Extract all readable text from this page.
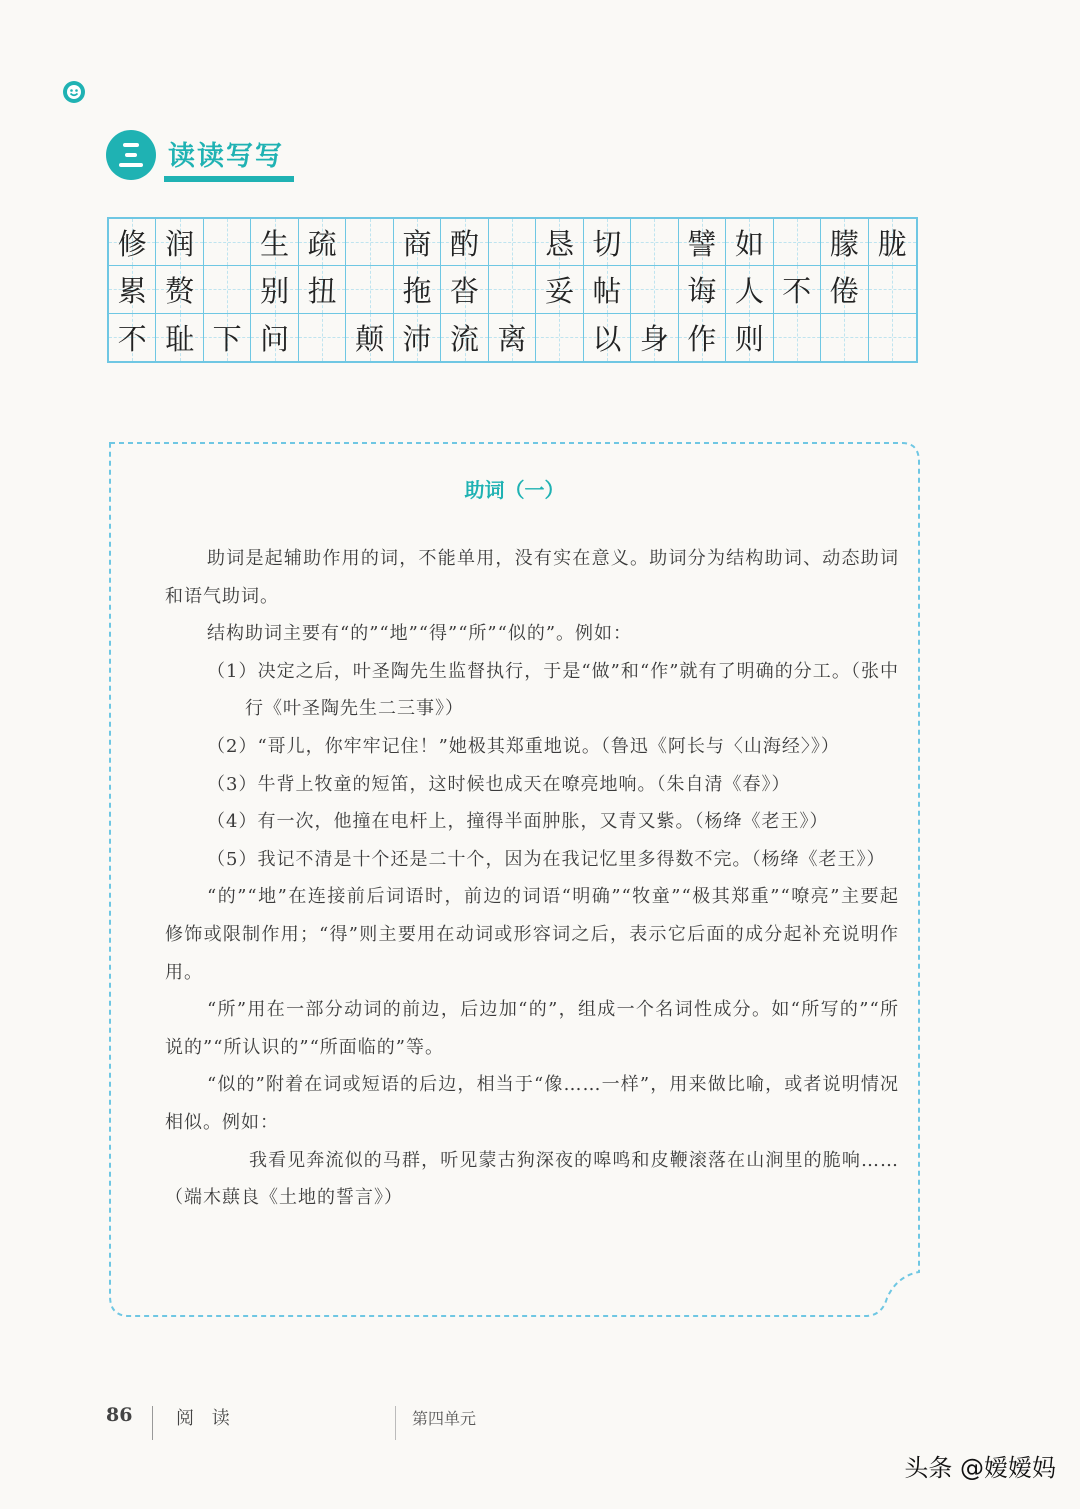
读读写写
修 润 生 疏 商 酌 恳 切 譬 如 朦 胧
累 赘 别 扭 拖 沓 妥 帖 诲 人 不 倦
不 耻 下 问 颠 沛 流 离 以 身 作 则
助词（一）

助词是起辅助作用的词，不能单用，没有实在意义。助词分为结构助词、动态助词和语气助词。

结构助词主要有“的”“地”“得”“所”“似的”。例如：

（1）决定之后，叶圣陶先生监督执行，于是“做”和“作”就有了明确的分工。（张中行《叶圣陶先生二三事》）

（2）“哥儿，你牢牢记住！”她极其郑重地说。（鲁迅《阿长与〈山海经〉》）

（3）牛背上牧童的短笛，这时候也成天在嘹亮地响。（朱自清《春》）

（4）有一次，他撞在电杆上，撞得半面肿胀，又青又紫。（杨绛《老王》）

（5）我记不清是十个还是二十个，因为在我记忆里多得数不完。（杨绛《老王》）

“的”“地”在连接前后词语时，前边的词语“明确”“牧童”“极其郑重”“嘹亮”主要起修饰或限制作用；“得”则主要用在动词或形容词之后，表示它后面的成分起补充说明作用。

“所”用在一部分动词的前边，后边加“的”，组成一个名词性成分。如“所写的”“所说的”“所认识的”“所面临的”等。

“似的”附着在词或短语的后边，相当于“像……一样”，用来做比喻，或者说明情况相似。例如：

我看见奔流似的马群，听见蒙古狗深夜的嗥鸣和皮鞭滚落在山涧里的脆响……（端木蕻良《土地的誓言》）

86 阅 读	第四单元
头条 @嫒嫒妈
